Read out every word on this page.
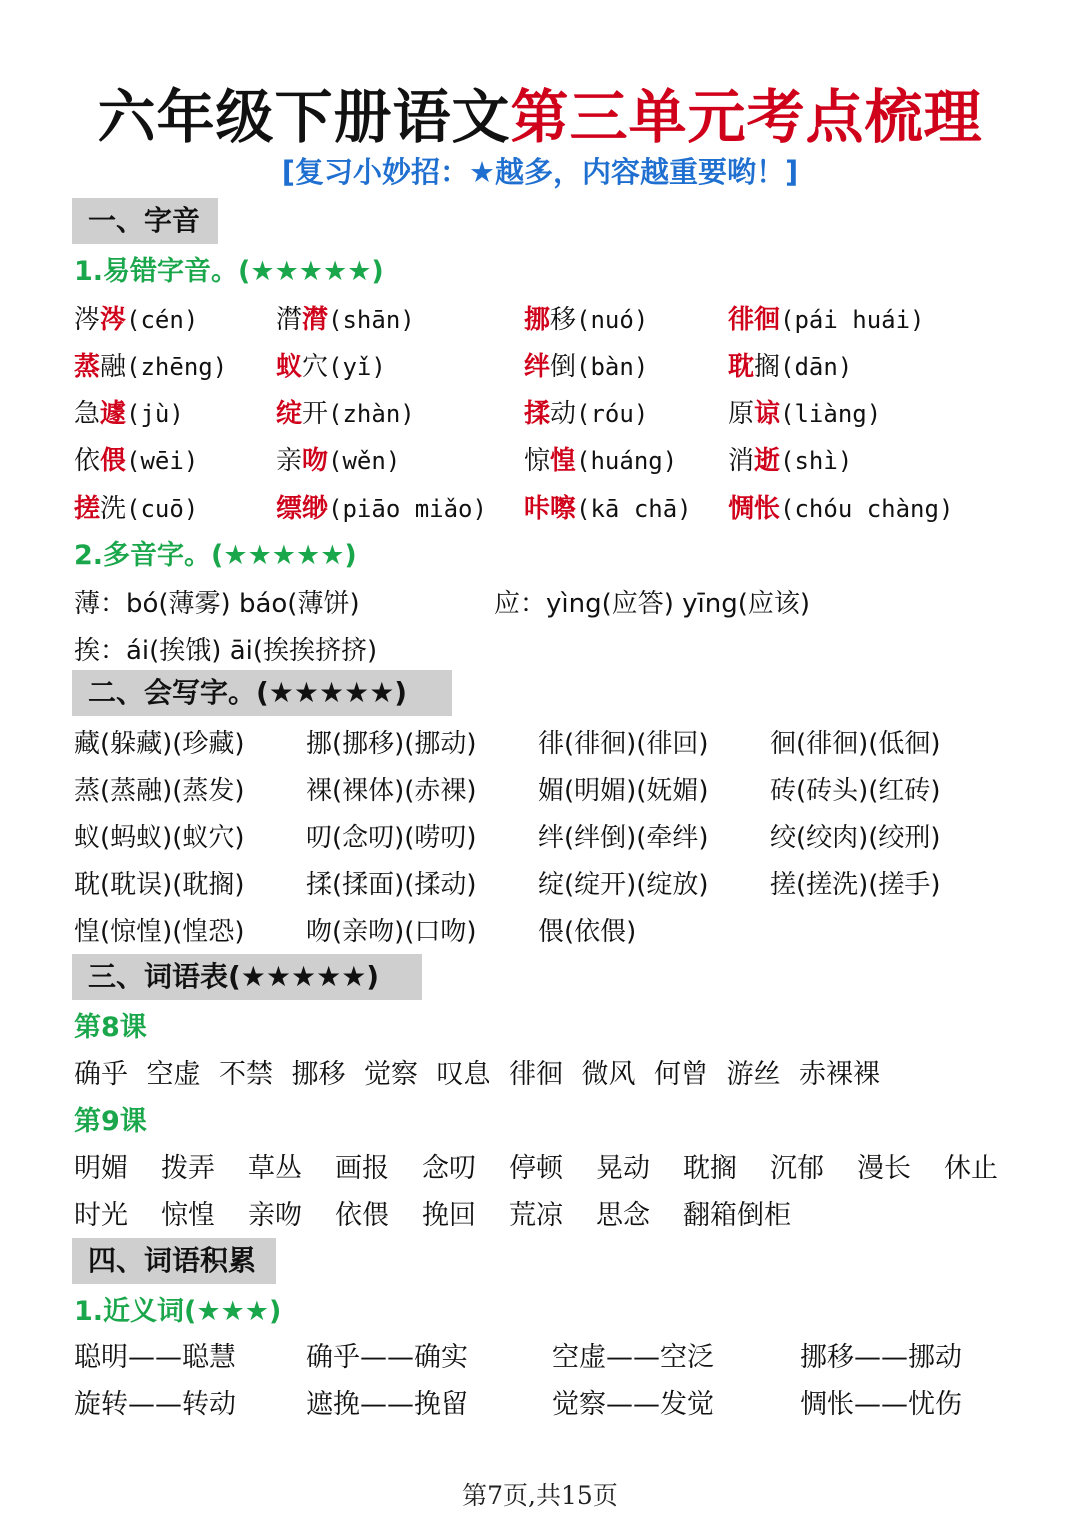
六年级下册语文第三单元考点梳理
[复习小妙招：★越多，内容越重要哟！]
一、字音
1.易错字音。(★★★★★)
涔涔(cén)	潸潸(shān)	挪移(nuó)	徘徊(pái huái)
蒸融(zhēng) 蚁穴(yǐ)	绊倒(bàn)	耽搁(dān)
急遽(jù)	绽开(zhàn)	揉动(róu)	原谅(liàng)
依偎(wēi)	亲吻(wěn)	惊惶(huáng) 消逝(shì)
搓洗(cuō)	缥缈(piāo miǎo) 咔嚓(kā chā) 惆怅(chóu chàng)
2.多音字。(★★★★★)
薄：bó(薄雾) báo(薄饼)	应：yìng(应答) yīng(应该)
挨：ái(挨饿) āi(挨挨挤挤)
二、会写字。(★★★★★)
藏(躲藏)(珍藏) 挪(挪移)(挪动) 徘(徘徊)(徘回) 徊(徘徊)(低徊)
蒸(蒸融)(蒸发) 裸(裸体)(赤裸) 媚(明媚)(妩媚) 砖(砖头)(红砖)
蚁(蚂蚁)(蚁穴) 叨(念叨)(唠叨) 绊(绊倒)(牵绊) 绞(绞肉)(绞刑)
耽(耽误)(耽搁) 揉(揉面)(揉动) 绽(绽开)(绽放) 搓(搓洗)(搓手)
惶(惊惶)(惶恐) 吻(亲吻)(口吻) 偎(依偎)
三、词语表(★★★★★)
第8课
确乎 空虚 不禁 挪移 觉察 叹息 徘徊 微风 何曾 游丝 赤裸裸
第9课
明媚 拨弄 草丛 画报 念叨 停顿 晃动 耽搁 沉郁 漫长 休止
时光 惊惶 亲吻 依偎 挽回 荒凉 思念 翻箱倒柜
四、词语积累
1.近义词(★★★)
聪明——聪慧	确乎——确实	空虚——空泛	挪移——挪动
旋转——转动	遮挽——挽留	觉察——发觉	惆怅——忧伤
第7页,共15页
